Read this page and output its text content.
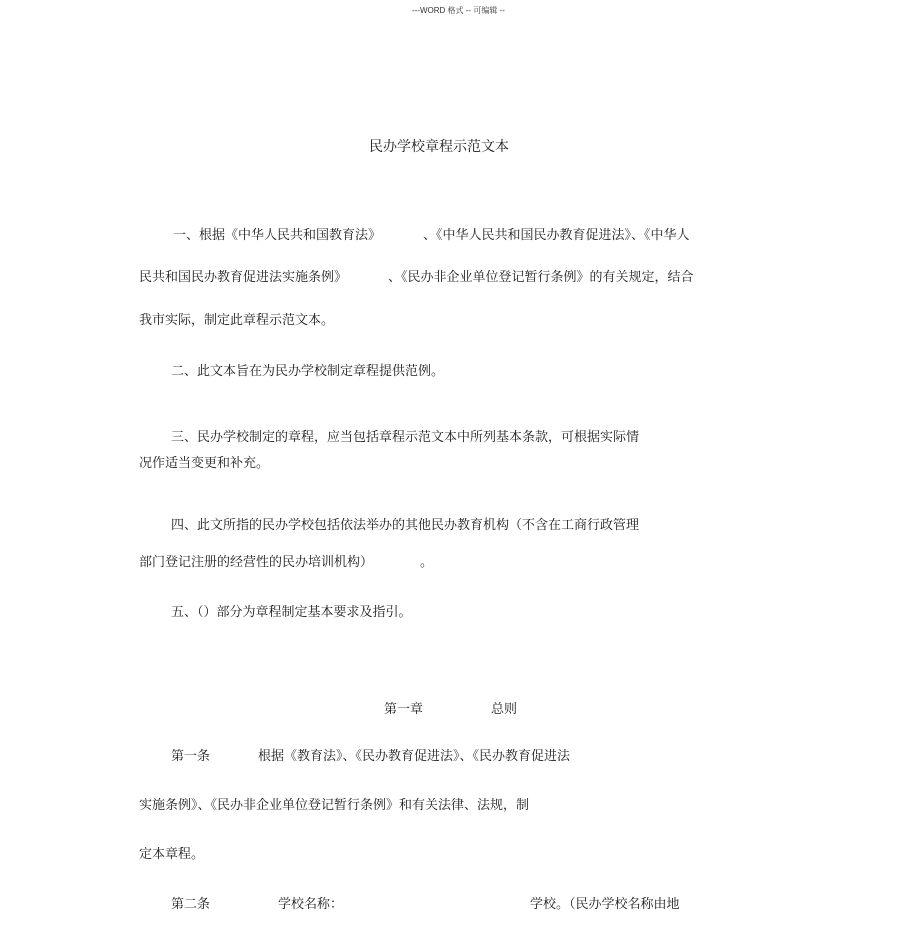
---WORD 格式 -- 可编辑 --
民办学校章程示范文本
一、根据《中华人民共和国教育法》	、《中华人民共和国民办教育促进法》、《中华人
民共和国民办教育促进法实施条例》	、《民办非企业单位登记暂行条例》的有关规定，结合
我市实际，制定此章程示范文本。
二、此文本旨在为民办学校制定章程提供范例。
三、民办学校制定的章程，应当包括章程示范文本中所列基本条款，可根据实际情
况作适当变更和补充。
四、此文所指的民办学校包括依法举办的其他民办教育机构（不含在工商行政管理
部门登记注册的经营性的民办培训机构）	。
五、（）部分为章程制定基本要求及指引。
第一章	总则
第一条	根据《教育法》、《民办教育促进法》、《民办教育促进法
实施条例》、《民办非企业单位登记暂行条例》和有关法律、法规，制
定本章程。
第二条	学校名称：	学校。（民办学校名称由地
